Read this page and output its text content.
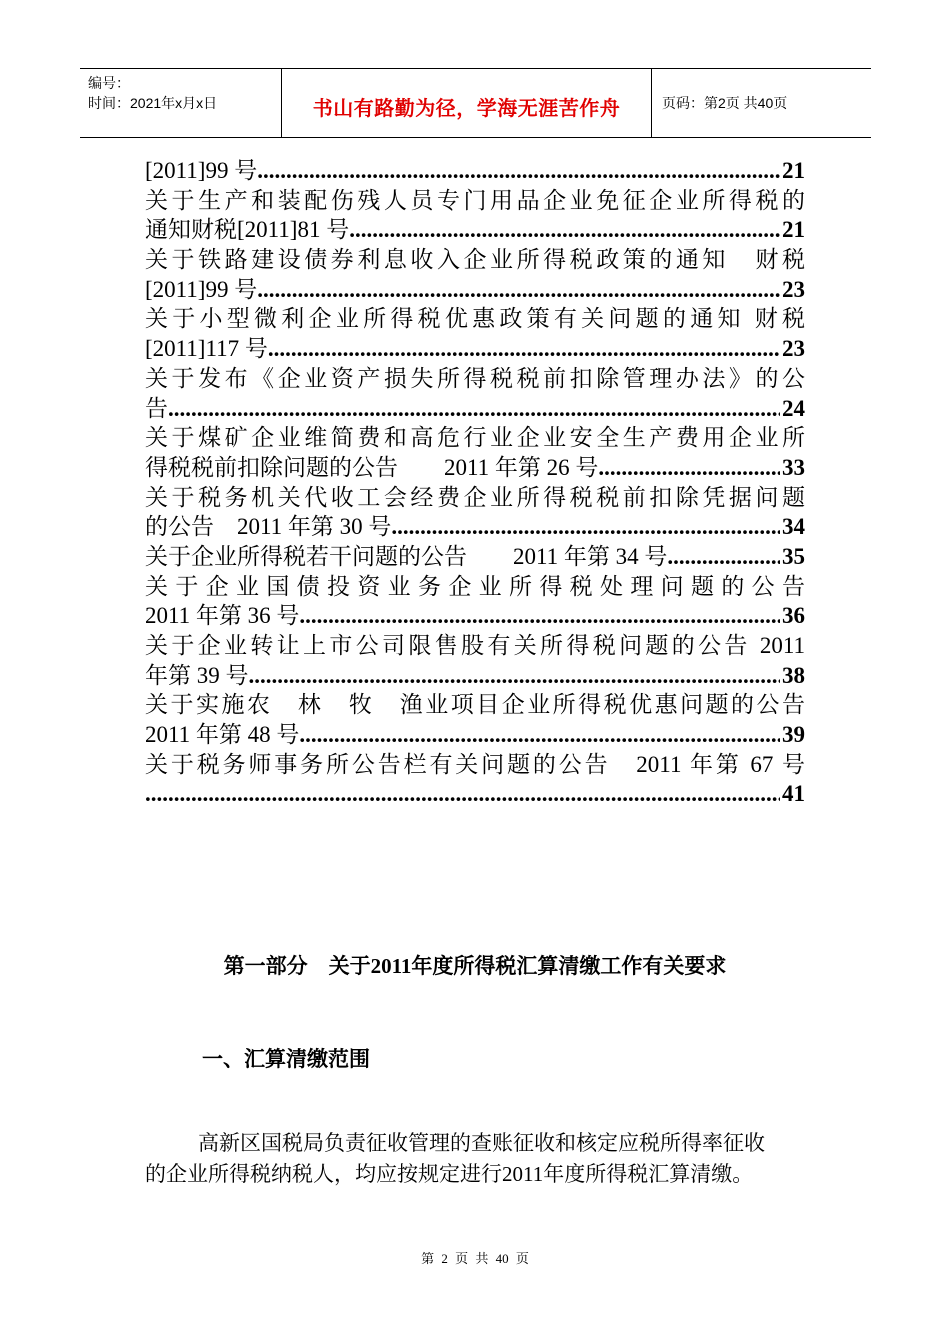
编号：
时间：2021年x月x日	书山有路勤为径，学海无涯苦作舟	页码：第2页 共40页
[2011]99 号 .....	21
关于生产和装配伤残人员专门用品企业免征企业所得税的
通知财税[2011]81 号 .....	21
关于铁路建设债券利息收入企业所得税政策的通知　财税
[2011]99 号 .....	23
关于小型微利企业所得税优惠政策有关问题的通知 财税
[2011]117 号 .....	23
关于发布《企业资产损失所得税税前扣除管理办法》的公
告 .....	24
关于煤矿企业维简费和高危行业企业安全生产费用企业所
得税税前扣除问题的公告　　2011 年第 26 号 .....	33
关于税务机关代收工会经费企业所得税税前扣除凭据问题
的公告　2011 年第 30 号 .....	34
关于企业所得税若干问题的公告　　2011 年第 34 号 .....	35
关于企业国债投资业务企业所得税处理问题的公告
2011 年第 36 号 .....	36
关于企业转让上市公司限售股有关所得税问题的公告 2011
年第 39 号 .....	38
关于实施农　林　牧　渔业项目企业所得税优惠问题的公告
2011 年第 48 号 .....	39
关于税务师事务所公告栏有关问题的公告　2011 年第 67 号
.....
41
第一部分　关于2011年度所得税汇算清缴工作有关要求
一、汇算清缴范围
高新区国税局负责征收管理的查账征收和核定应税所得率征收
的企业所得税纳税人，均应按规定进行2011年度所得税汇算清缴。
第 2 页 共 40 页
